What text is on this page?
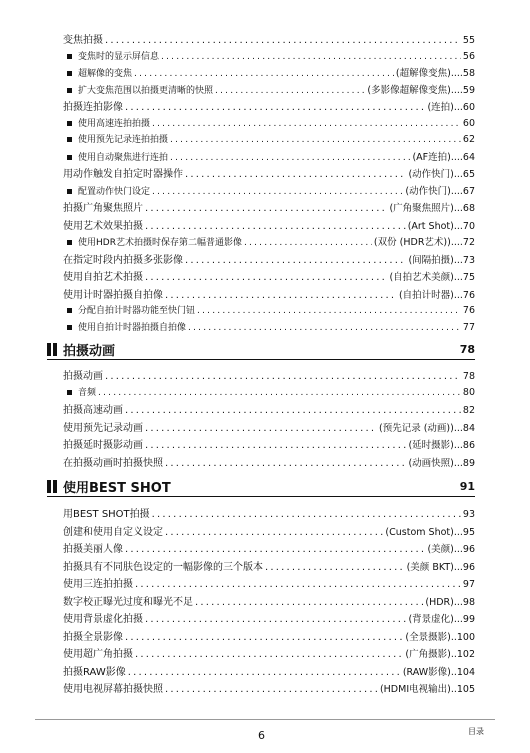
变焦拍摄 .....	55
变焦时的显示屏信息 .....	56
超解像的变焦 .....	(超解像变焦)....58
扩大变焦范围以拍摄更清晰的快照 .....	(多影像超解像变焦)....59
拍摄连拍影像 .....	(连拍)...60
使用高速连拍拍摄 .....	60
使用预先记录连拍拍摄 .....	62
使用自动聚焦进行连拍 .....	(AF连拍)....64
用动作触发自拍定时器操作 .....	(动作快门)...65
配置动作快门设定 .....	(动作快门)....67
拍摄广角聚焦照片 .....	(广角聚焦照片)...68
使用艺术效果拍摄 .....	(Art Shot)...70
使用HDR艺术拍摄时保存第二幅普通影像 .....	(双份 (HDR艺术))....72
在指定时段内拍摄多张影像 .....	(间隔拍摄)...73
使用自拍艺术拍摄 .....	(自拍艺术美颜)...75
使用计时器拍摄自拍像 .....	(自拍计时器)...76
分配自拍计时器功能至快门钮 .....	76
使用自拍计时器拍摄自拍像 .....	77
拍摄动画	78
拍摄动画 .....	78
音频 .....	80
拍摄高速动画 .....	82
使用预先记录动画 .....	(预先记录 (动画))...84
拍摄延时摄影动画 .....	(延时摄影)...86
在拍摄动画时拍摄快照 .....	(动画快照)...89
使用BEST SHOT	91
用BEST SHOT拍摄 .....	93
创建和使用自定义设定 .....	(Custom Shot)...95
拍摄美丽人像 .....	(美颜)...96
拍摄具有不同肤色设定的一幅影像的三个版本 .....	(美颜 BKT)...96
使用三连拍拍摄 .....	97
数字校正曝光过度和曝光不足 .....	(HDR)...98
使用背景虚化拍摄 .....	(背景虚化)...99
拍摄全景影像 .....	(全景摄影)..100
使用超广角拍摄 .....	(广角摄影)..102
拍摄RAW影像 .....	(RAW影像)..104
使用电视屏幕拍摄快照 .....	(HDMI电视输出)..105
6	目录
